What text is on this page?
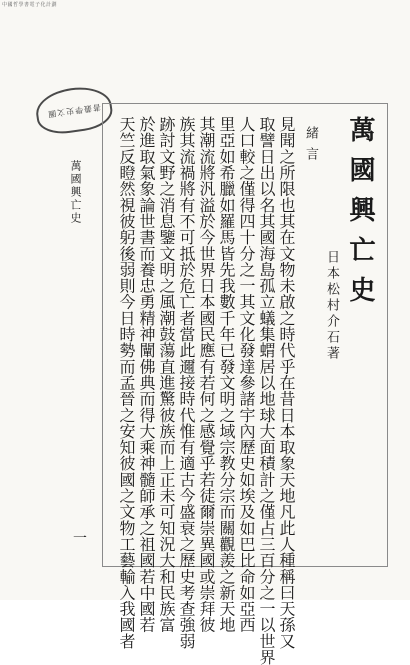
中國哲學書電子化計劃
書叢學史文圖
萬國興亡史
一
萬國興亡史
日本松村介石著
緒言
見聞之所限也其在文物未啟之時代乎在昔日本取象天地凡此人種稱曰天孫又
取譬日出以名其國海島孤立蟻集蝟居以地球大面積計之僅占三百分之一以世界
人口較之僅得四十分之一其文化發達參諸宇內歷史如埃及如巴比命如亞西
里亞如希臘如羅馬皆先我數千年已發文明之域宗教分宗而關觀羨之新天地
其潮流將汎溢於今世界日本國民應有若何之感覺乎若徒爾崇異國或崇拜彼
族其流禍將有不可抵於危亡者當此邇接時代惟有適古今盛衰之歷史考查強弱
跡討文野之消息鑒文明之風潮鼓蕩直進驚彼族而上正未可知況大和民族富
於進取氣象論世書而養忠勇精神闡佛典而得大乘神髓師承之祖國若中國若
天竺反瞪然視彼躬後弱則今日時勢而孟晉之安知彼國之文物工藝輸入我國者
